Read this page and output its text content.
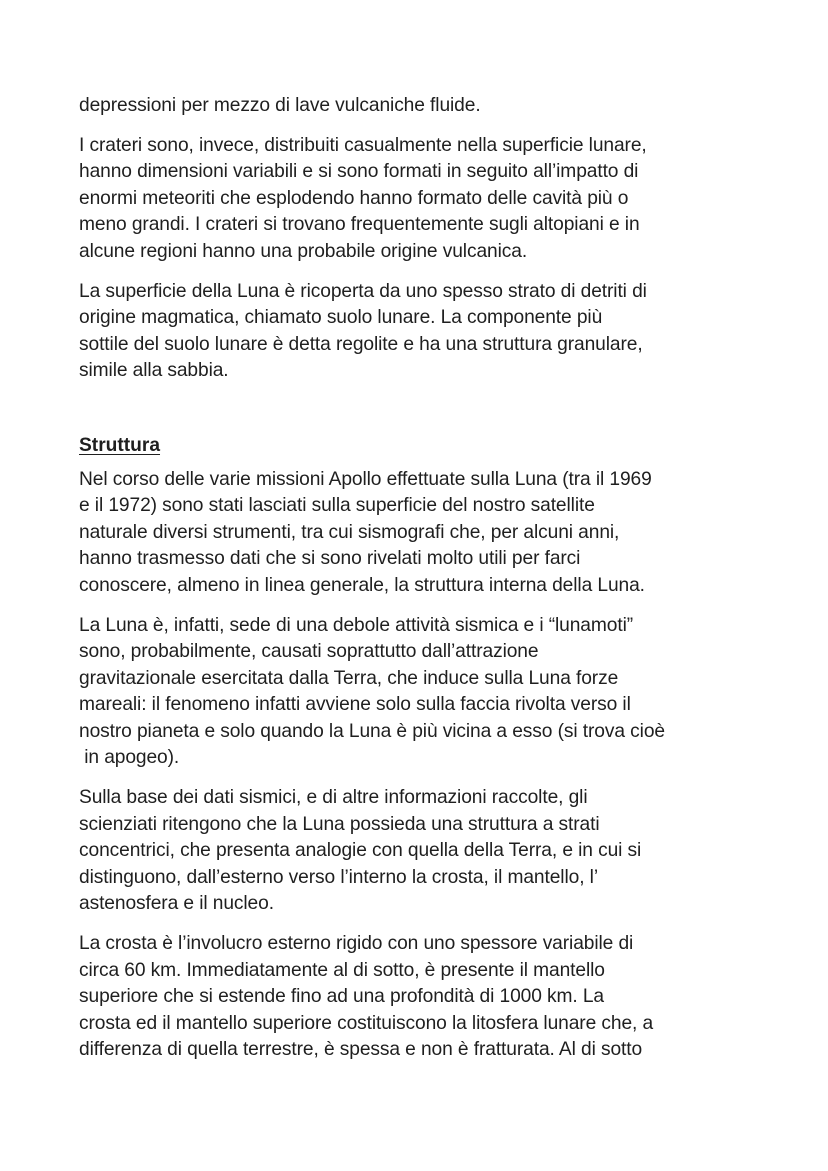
depressioni per mezzo di lave vulcaniche fluide.

I crateri sono, invece, distribuiti casualmente nella superficie lunare,
hanno dimensioni variabili e si sono formati in seguito all’impatto di
enormi meteoriti che esplodendo hanno formato delle cavità più o
meno grandi. I crateri si trovano frequentemente sugli altopiani e in
alcune regioni hanno una probabile origine vulcanica.

La superficie della Luna è ricoperta da uno spesso strato di detriti di
origine magmatica, chiamato suolo lunare. La componente più
sottile del suolo lunare è detta regolite e ha una struttura granulare,
simile alla sabbia.

Struttura

Nel corso delle varie missioni Apollo effettuate sulla Luna (tra il 1969
e il 1972) sono stati lasciati sulla superficie del nostro satellite
naturale diversi strumenti, tra cui sismografi che, per alcuni anni,
hanno trasmesso dati che si sono rivelati molto utili per farci
conoscere, almeno in linea generale, la struttura interna della Luna.

La Luna è, infatti, sede di una debole attività sismica e i “lunamoti”
sono, probabilmente, causati soprattutto dall’attrazione
gravitazionale esercitata dalla Terra, che induce sulla Luna forze
mareali: il fenomeno infatti avviene solo sulla faccia rivolta verso il
nostro pianeta e solo quando la Luna è più vicina a esso (si trova cioè
in apogeo).

Sulla base dei dati sismici, e di altre informazioni raccolte, gli
scienziati ritengono che la Luna possieda una struttura a strati
concentrici, che presenta analogie con quella della Terra, e in cui si
distinguono, dall’esterno verso l’interno la crosta, il mantello, l’
astenosfera e il nucleo.

La crosta è l’involucro esterno rigido con uno spessore variabile di
circa 60 km. Immediatamente al di sotto, è presente il mantello
superiore che si estende fino ad una profondità di 1000 km. La
crosta ed il mantello superiore costituiscono la litosfera lunare che, a
differenza di quella terrestre, è spessa e non è fratturata. Al di sotto
